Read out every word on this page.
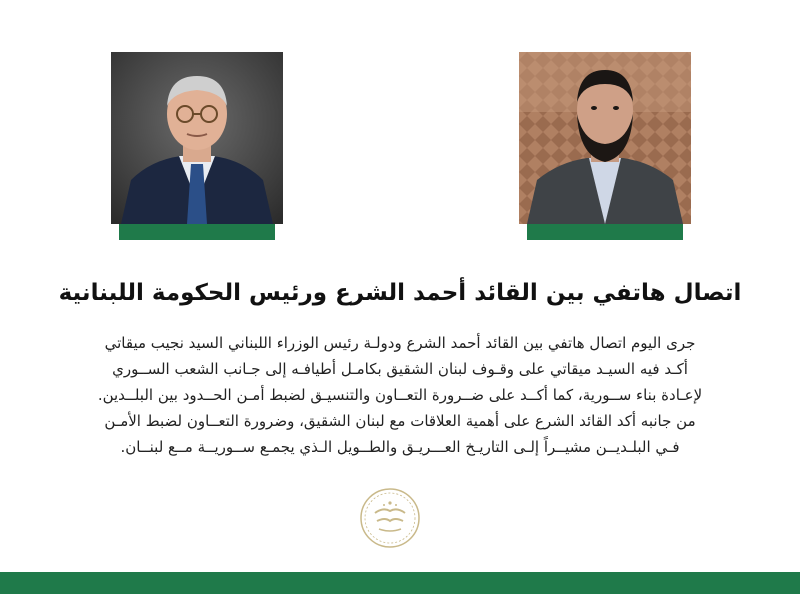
اتصال هاتفي بين القائد أحمد الشرع ورئيس الحكومة اللبنانية
جرى اليوم اتصال هاتفي بين القائد أحمد الشرع ودولـة رئيس الوزراء اللبناني السيد نجيب ميقاتي
أكـد فيه السيـد ميقاتي على وقـوف لبنان الشقيق بكامـل أطيافـه إلى جـانب الشعب الســوري
لإعـادة بناء ســورية، كما أكــد على ضــرورة التعــاون والتنسيـق لضبط أمـن الحــدود بين البلــدين.
من جانبه أكد القائد الشرع على أهمية العلاقات مع لبنان الشقيق، وضرورة التعــاون لضبط الأمـن
فـي البلـديــن مشيــراً إلـى التاريـخ العـــريـق والطــويل الـذي يجمـع ســوريــة مــع لبنــان.
